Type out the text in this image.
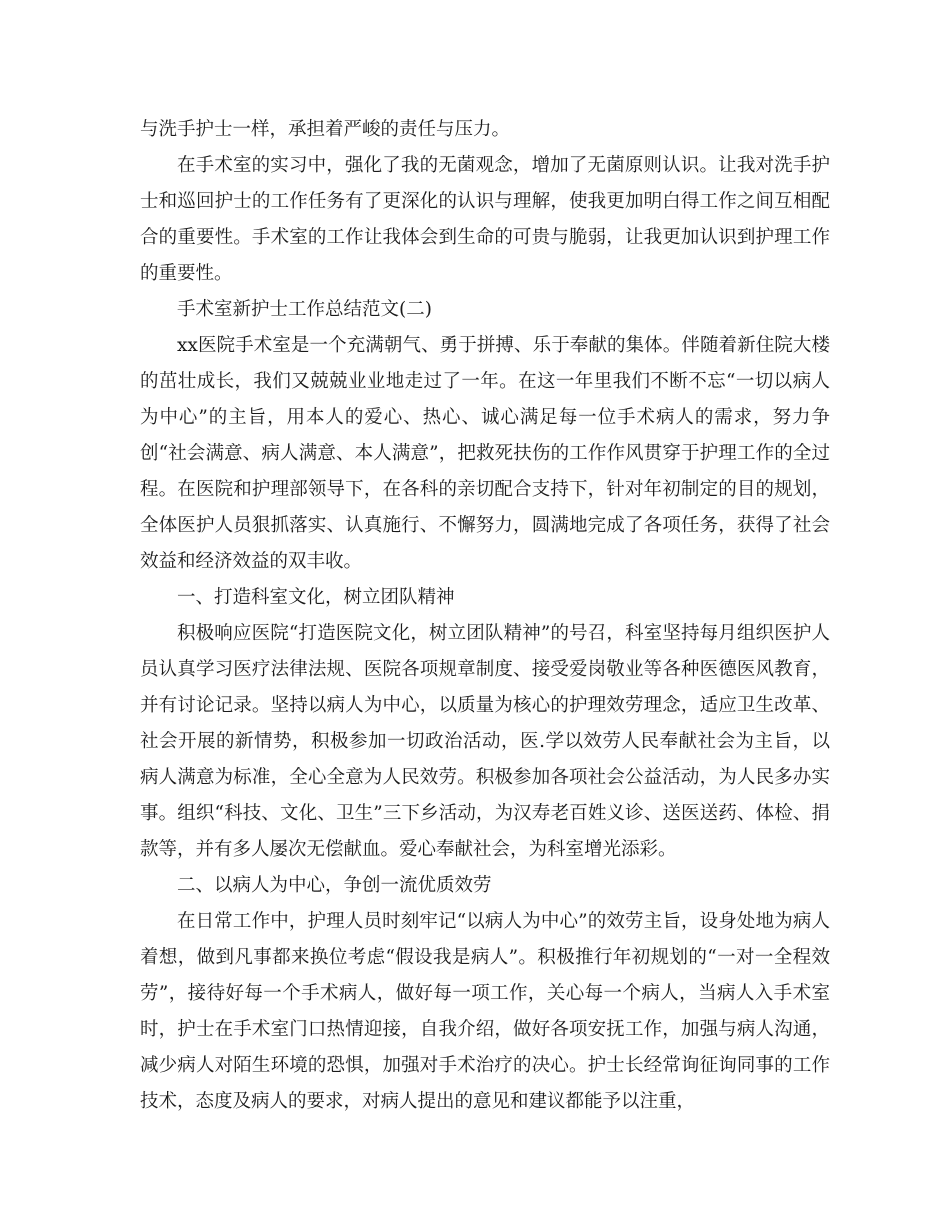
与洗手护士一样，承担着严峻的责任与压力。

在手术室的实习中，强化了我的无菌观念，增加了无菌原则认识。让我对洗手护士和巡回护士的工作任务有了更深化的认识与理解，使我更加明白得工作之间互相配合的重要性。手术室的工作让我体会到生命的可贵与脆弱，让我更加认识到护理工作的重要性。

手术室新护士工作总结范文(二)

xx医院手术室是一个充满朝气、勇于拼搏、乐于奉献的集体。伴随着新住院大楼的茁壮成长，我们又兢兢业业地走过了一年。在这一年里我们不断不忘“一切以病人为中心”的主旨，用本人的爱心、热心、诚心满足每一位手术病人的需求，努力争创“社会满意、病人满意、本人满意”，把救死扶伤的工作作风贯穿于护理工作的全过程。在医院和护理部领导下，在各科的亲切配合支持下，针对年初制定的目的规划，全体医护人员狠抓落实、认真施行、不懈努力，圆满地完成了各项任务，获得了社会效益和经济效益的双丰收。

一、打造科室文化，树立团队精神

积极响应医院“打造医院文化，树立团队精神”的号召，科室坚持每月组织医护人员认真学习医疗法律法规、医院各项规章制度、接受爱岗敬业等各种医德医风教育，并有讨论记录。坚持以病人为中心，以质量为核心的护理效劳理念，适应卫生改革、社会开展的新情势，积极参加一切政治活动，医.学以效劳人民奉献社会为主旨，以病人满意为标准，全心全意为人民效劳。积极参加各项社会公益活动，为人民多办实事。组织“科技、文化、卫生”三下乡活动，为汉寿老百姓义诊、送医送药、体检、捐款等，并有多人屡次无偿献血。爱心奉献社会，为科室增光添彩。

二、以病人为中心，争创一流优质效劳

在日常工作中，护理人员时刻牢记“以病人为中心”的效劳主旨，设身处地为病人着想，做到凡事都来换位考虑“假设我是病人”。积极推行年初规划的“一对一全程效劳”，接待好每一个手术病人，做好每一项工作，关心每一个病人，当病人入手术室时，护士在手术室门口热情迎接，自我介绍，做好各项安抚工作，加强与病人沟通，减少病人对陌生环境的恐惧，加强对手术治疗的决心。护士长经常询征询同事的工作技术，态度及病人的要求，对病人提出的意见和建议都能予以注重，
